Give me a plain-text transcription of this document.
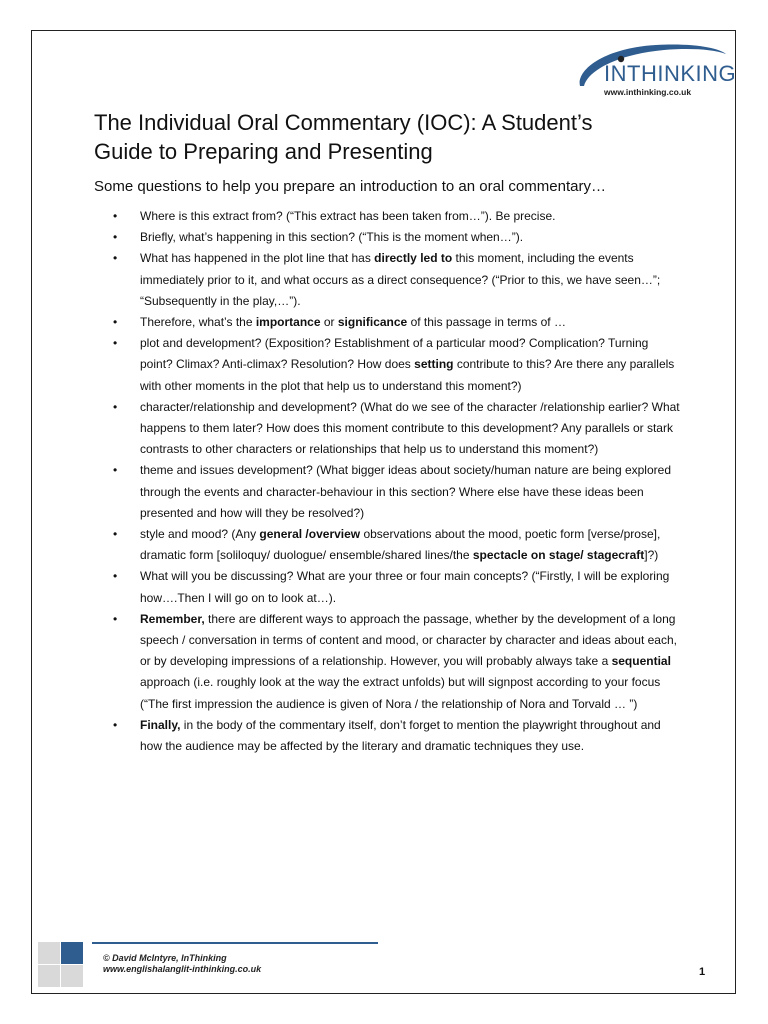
INTHINKING
www.inthinking.co.uk
The Individual Oral Commentary (IOC): A Student’s Guide to Preparing and Presenting

Some questions to help you prepare an introduction to an oral commentary…

• Where is this extract from? (“This extract has been taken from…”). Be precise.
• Briefly, what’s happening in this section? (“This is the moment when…”).
• What has happened in the plot line that has directly led to this moment, including the events immediately prior to it, and what occurs as a direct consequence? (“Prior to this, we have seen…”; “Subsequently in the play,…”).
• Therefore, what’s the importance or significance of this passage in terms of …
• plot and development? (Exposition? Establishment of a particular mood? Complication? Turning point? Climax? Anti-climax? Resolution? How does setting contribute to this? Are there any parallels with other moments in the plot that help us to understand this moment?)
• character/relationship and development? (What do we see of the character /relationship earlier? What happens to them later? How does this moment contribute to this development? Any parallels or stark contrasts to other characters or relationships that help us to understand this moment?)
• theme and issues development? (What bigger ideas about society/human nature are being explored through the events and character-behaviour in this section? Where else have these ideas been presented and how will they be resolved?)
• style and mood? (Any general /overview observations about the mood, poetic form [verse/prose], dramatic form [soliloquy/ duologue/ ensemble/shared lines/the spectacle on stage/ stagecraft]?)
• What will you be discussing? What are your three or four main concepts? (“Firstly, I will be exploring how….Then I will go on to look at…).
• Remember, there are different ways to approach the passage, whether by the development of a long speech / conversation in terms of content and mood, or character by character and ideas about each, or by developing impressions of a relationship. However, you will probably always take a sequential approach (i.e. roughly look at the way the extract unfolds) but will signpost according to your focus (“The first impression the audience is given of Nora / the relationship of Nora and Torvald … ”)
• Finally, in the body of the commentary itself, don’t forget to mention the playwright throughout and how the audience may be affected by the literary and dramatic techniques they use.
© David McIntyre, InThinking
www.englishalanglit-inthinking.co.uk	1
